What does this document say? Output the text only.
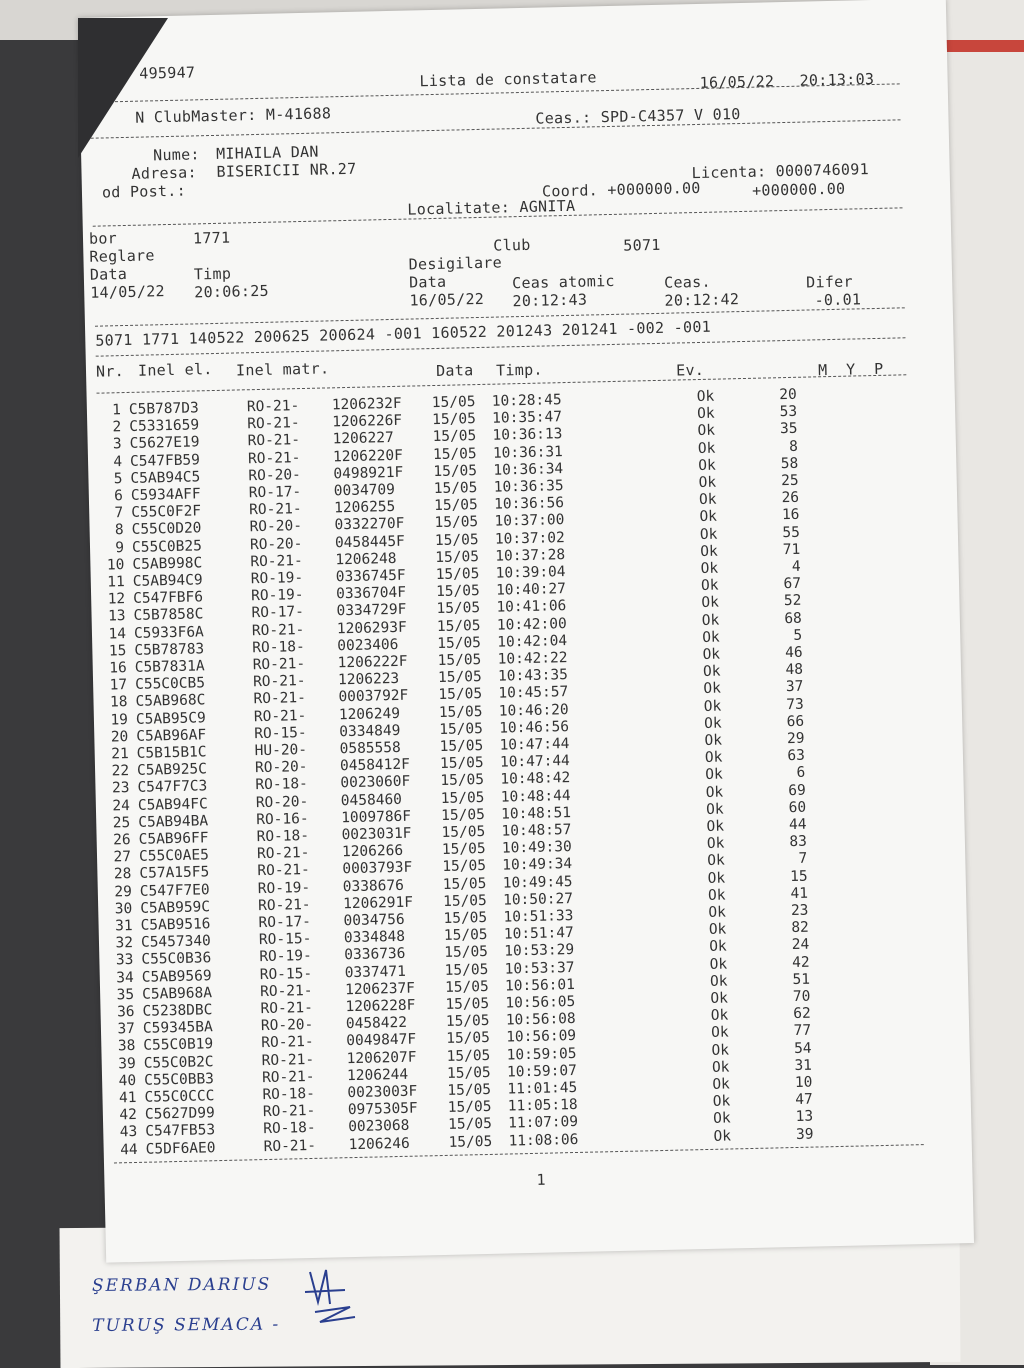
ŞERBAN DARIUS
TURUŞ SEMACA -
495947	Lista de constatare	16/05/22 20:13:03
N ClubMaster: M-41688	Ceas.: SPD-C4357 V 010
Nume: MIHAILA DAN
Adresa: BISERICII NR.27	Licenta: 0000746091
od Post.:	Coord. +000000.00	+000000.00
Localitate: AGNITA
bor	1771	Club	5071
Reglare	Desigilare
Data	Timp	Data	Ceas atomic	Ceas.	Difer
14/05/22 20:06:25	16/05/22 20:12:43	20:12:42	-0.01
5071 1771 140522 200625 200624 -001 160522 201243 201241 -002 -001
Nr. Inel el. Inel matr.	Data Timp.	Ev.	M  Y  P
1 C5B787D3	RO-21- 1206232F 15/05 10:28:45	Ok	20
2 C5331659	RO-21- 1206226F 15/05 10:35:47	Ok	53
3 C5627E19	RO-21- 1206227	15/05 10:36:13	Ok	35
4 C547FB59	RO-21- 1206220F 15/05 10:36:31	Ok	8
5 C5AB94C5	RO-20- 0498921F 15/05 10:36:34	Ok	58
6 C5934AFF	RO-17- 0034709	15/05 10:36:35	Ok	25
7 C55C0F2F	RO-21- 1206255	15/05 10:36:56	Ok	26
8 C55C0D20	RO-20- 0332270F 15/05 10:37:00	Ok	16
9 C55C0B25	RO-20- 0458445F 15/05 10:37:02	Ok	55
10 C5AB998C	RO-21- 1206248	15/05 10:37:28	Ok	71
11 C5AB94C9	RO-19- 0336745F 15/05 10:39:04	Ok	4
12 C547FBF6	RO-19- 0336704F 15/05 10:40:27	Ok	67
13 C5B7858C	RO-17- 0334729F 15/05 10:41:06	Ok	52
14 C5933F6A	RO-21- 1206293F 15/05 10:42:00	Ok	68
15 C5B78783	RO-18- 0023406	15/05 10:42:04	Ok	5
16 C5B7831A	RO-21- 1206222F 15/05 10:42:22	Ok	46
17 C55C0CB5	RO-21- 1206223	15/05 10:43:35	Ok	48
18 C5AB968C	RO-21- 0003792F 15/05 10:45:57	Ok	37
19 C5AB95C9	RO-21- 1206249	15/05 10:46:20	Ok	73
20 C5AB96AF	RO-15- 0334849	15/05 10:46:56	Ok	66
21 C5B15B1C	HU-20- 0585558	15/05 10:47:44	Ok	29
22 C5AB925C	RO-20- 0458412F 15/05 10:47:44	Ok	63
23 C547F7C3	RO-18- 0023060F 15/05 10:48:42	Ok	6
24 C5AB94FC	RO-20- 0458460	15/05 10:48:44	Ok	69
25 C5AB94BA	RO-16- 1009786F 15/05 10:48:51	Ok	60
26 C5AB96FF	RO-18- 0023031F 15/05 10:48:57	Ok	44
27 C55C0AE5	RO-21- 1206266	15/05 10:49:30	Ok	83
28 C57A15F5	RO-21- 0003793F 15/05 10:49:34	Ok	7
29 C547F7E0	RO-19- 0338676	15/05 10:49:45	Ok	15
30 C5AB959C	RO-21- 1206291F 15/05 10:50:27	Ok	41
31 C5AB9516	RO-17- 0034756	15/05 10:51:33	Ok	23
32 C5457340	RO-15- 0334848	15/05 10:51:47	Ok	82
33 C55C0B36	RO-19- 0336736	15/05 10:53:29	Ok	24
34 C5AB9569	RO-15- 0337471	15/05 10:53:37	Ok	42
35 C5AB968A	RO-21- 1206237F 15/05 10:56:01	Ok	51
36 C5238DBC	RO-21- 1206228F 15/05 10:56:05	Ok	70
37 C59345BA	RO-20- 0458422	15/05 10:56:08	Ok	62
38 C55C0B19	RO-21- 0049847F 15/05 10:56:09	Ok	77
39 C55C0B2C	RO-21- 1206207F 15/05 10:59:05	Ok	54
40 C55C0BB3	RO-21- 1206244	15/05 10:59:07	Ok	31
41 C55C0CCC	RO-18- 0023003F 15/05 11:01:45	Ok	10
42 C5627D99	RO-21- 0975305F 15/05 11:05:18	Ok	47
43 C547FB53	RO-18- 0023068	15/05 11:07:09	Ok	13
44 C5DF6AE0	RO-21- 1206246	15/05 11:08:06	Ok	39
1
